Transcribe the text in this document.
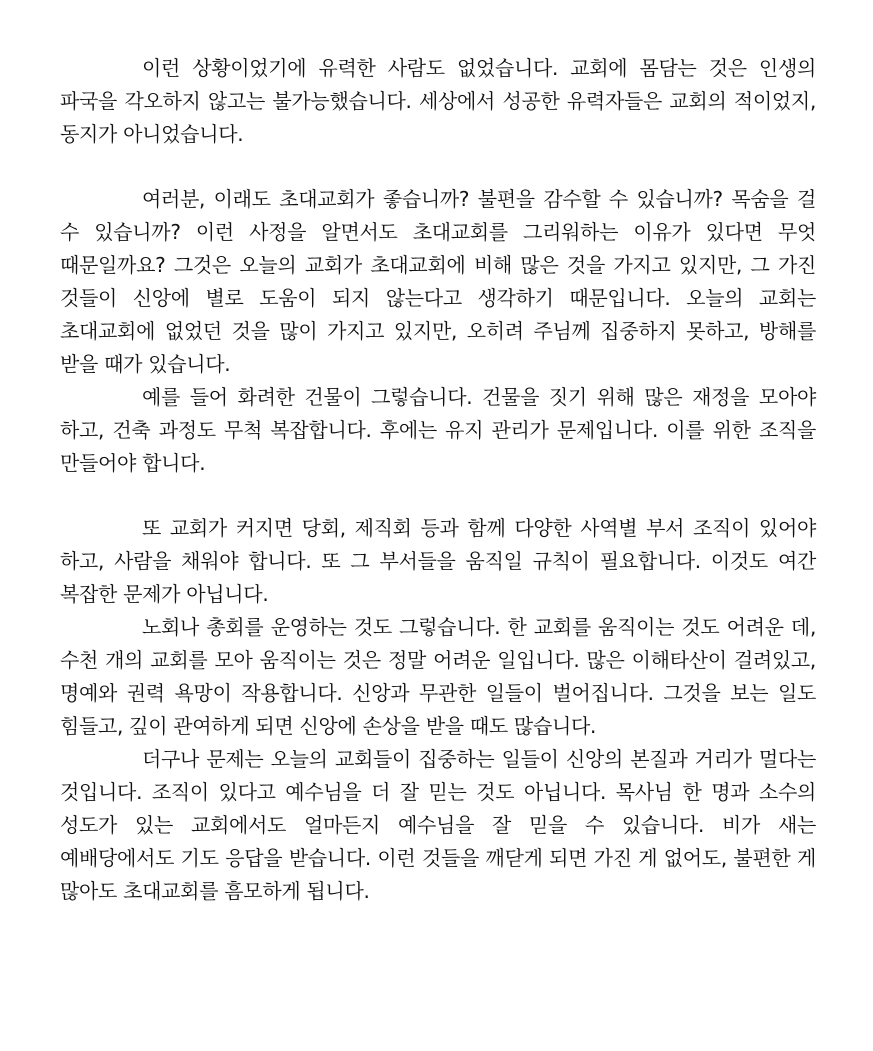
이런 상황이었기에 유력한 사람도 없었습니다. 교회에 몸담는 것은 인생의 파국을 각오하지 않고는 불가능했습니다. 세상에서 성공한 유력자들은 교회의 적이었지, 동지가 아니었습니다.

여러분, 이래도 초대교회가 좋습니까? 불편을 감수할 수 있습니까? 목숨을 걸 수 있습니까? 이런 사정을 알면서도 초대교회를 그리워하는 이유가 있다면 무엇 때문일까요? 그것은 오늘의 교회가 초대교회에 비해 많은 것을 가지고 있지만, 그 가진 것들이 신앙에 별로 도움이 되지 않는다고 생각하기 때문입니다. 오늘의 교회는 초대교회에 없었던 것을 많이 가지고 있지만, 오히려 주님께 집중하지 못하고, 방해를 받을 때가 있습니다.

예를 들어 화려한 건물이 그렇습니다. 건물을 짓기 위해 많은 재정을 모아야 하고, 건축 과정도 무척 복잡합니다. 후에는 유지 관리가 문제입니다. 이를 위한 조직을 만들어야 합니다.

또 교회가 커지면 당회, 제직회 등과 함께 다양한 사역별 부서 조직이 있어야 하고, 사람을 채워야 합니다. 또 그 부서들을 움직일 규칙이 필요합니다. 이것도 여간 복잡한 문제가 아닙니다.

노회나 총회를 운영하는 것도 그렇습니다. 한 교회를 움직이는 것도 어려운 데, 수천 개의 교회를 모아 움직이는 것은 정말 어려운 일입니다. 많은 이해타산이 걸려있고, 명예와 권력 욕망이 작용합니다. 신앙과 무관한 일들이 벌어집니다. 그것을 보는 일도 힘들고, 깊이 관여하게 되면 신앙에 손상을 받을 때도 많습니다.

더구나 문제는 오늘의 교회들이 집중하는 일들이 신앙의 본질과 거리가 멀다는 것입니다. 조직이 있다고 예수님을 더 잘 믿는 것도 아닙니다. 목사님 한 명과 소수의 성도가 있는 교회에서도 얼마든지 예수님을 잘 믿을 수 있습니다. 비가 새는 예배당에서도 기도 응답을 받습니다. 이런 것들을 깨닫게 되면 가진 게 없어도, 불편한 게 많아도 초대교회를 흠모하게 됩니다.
